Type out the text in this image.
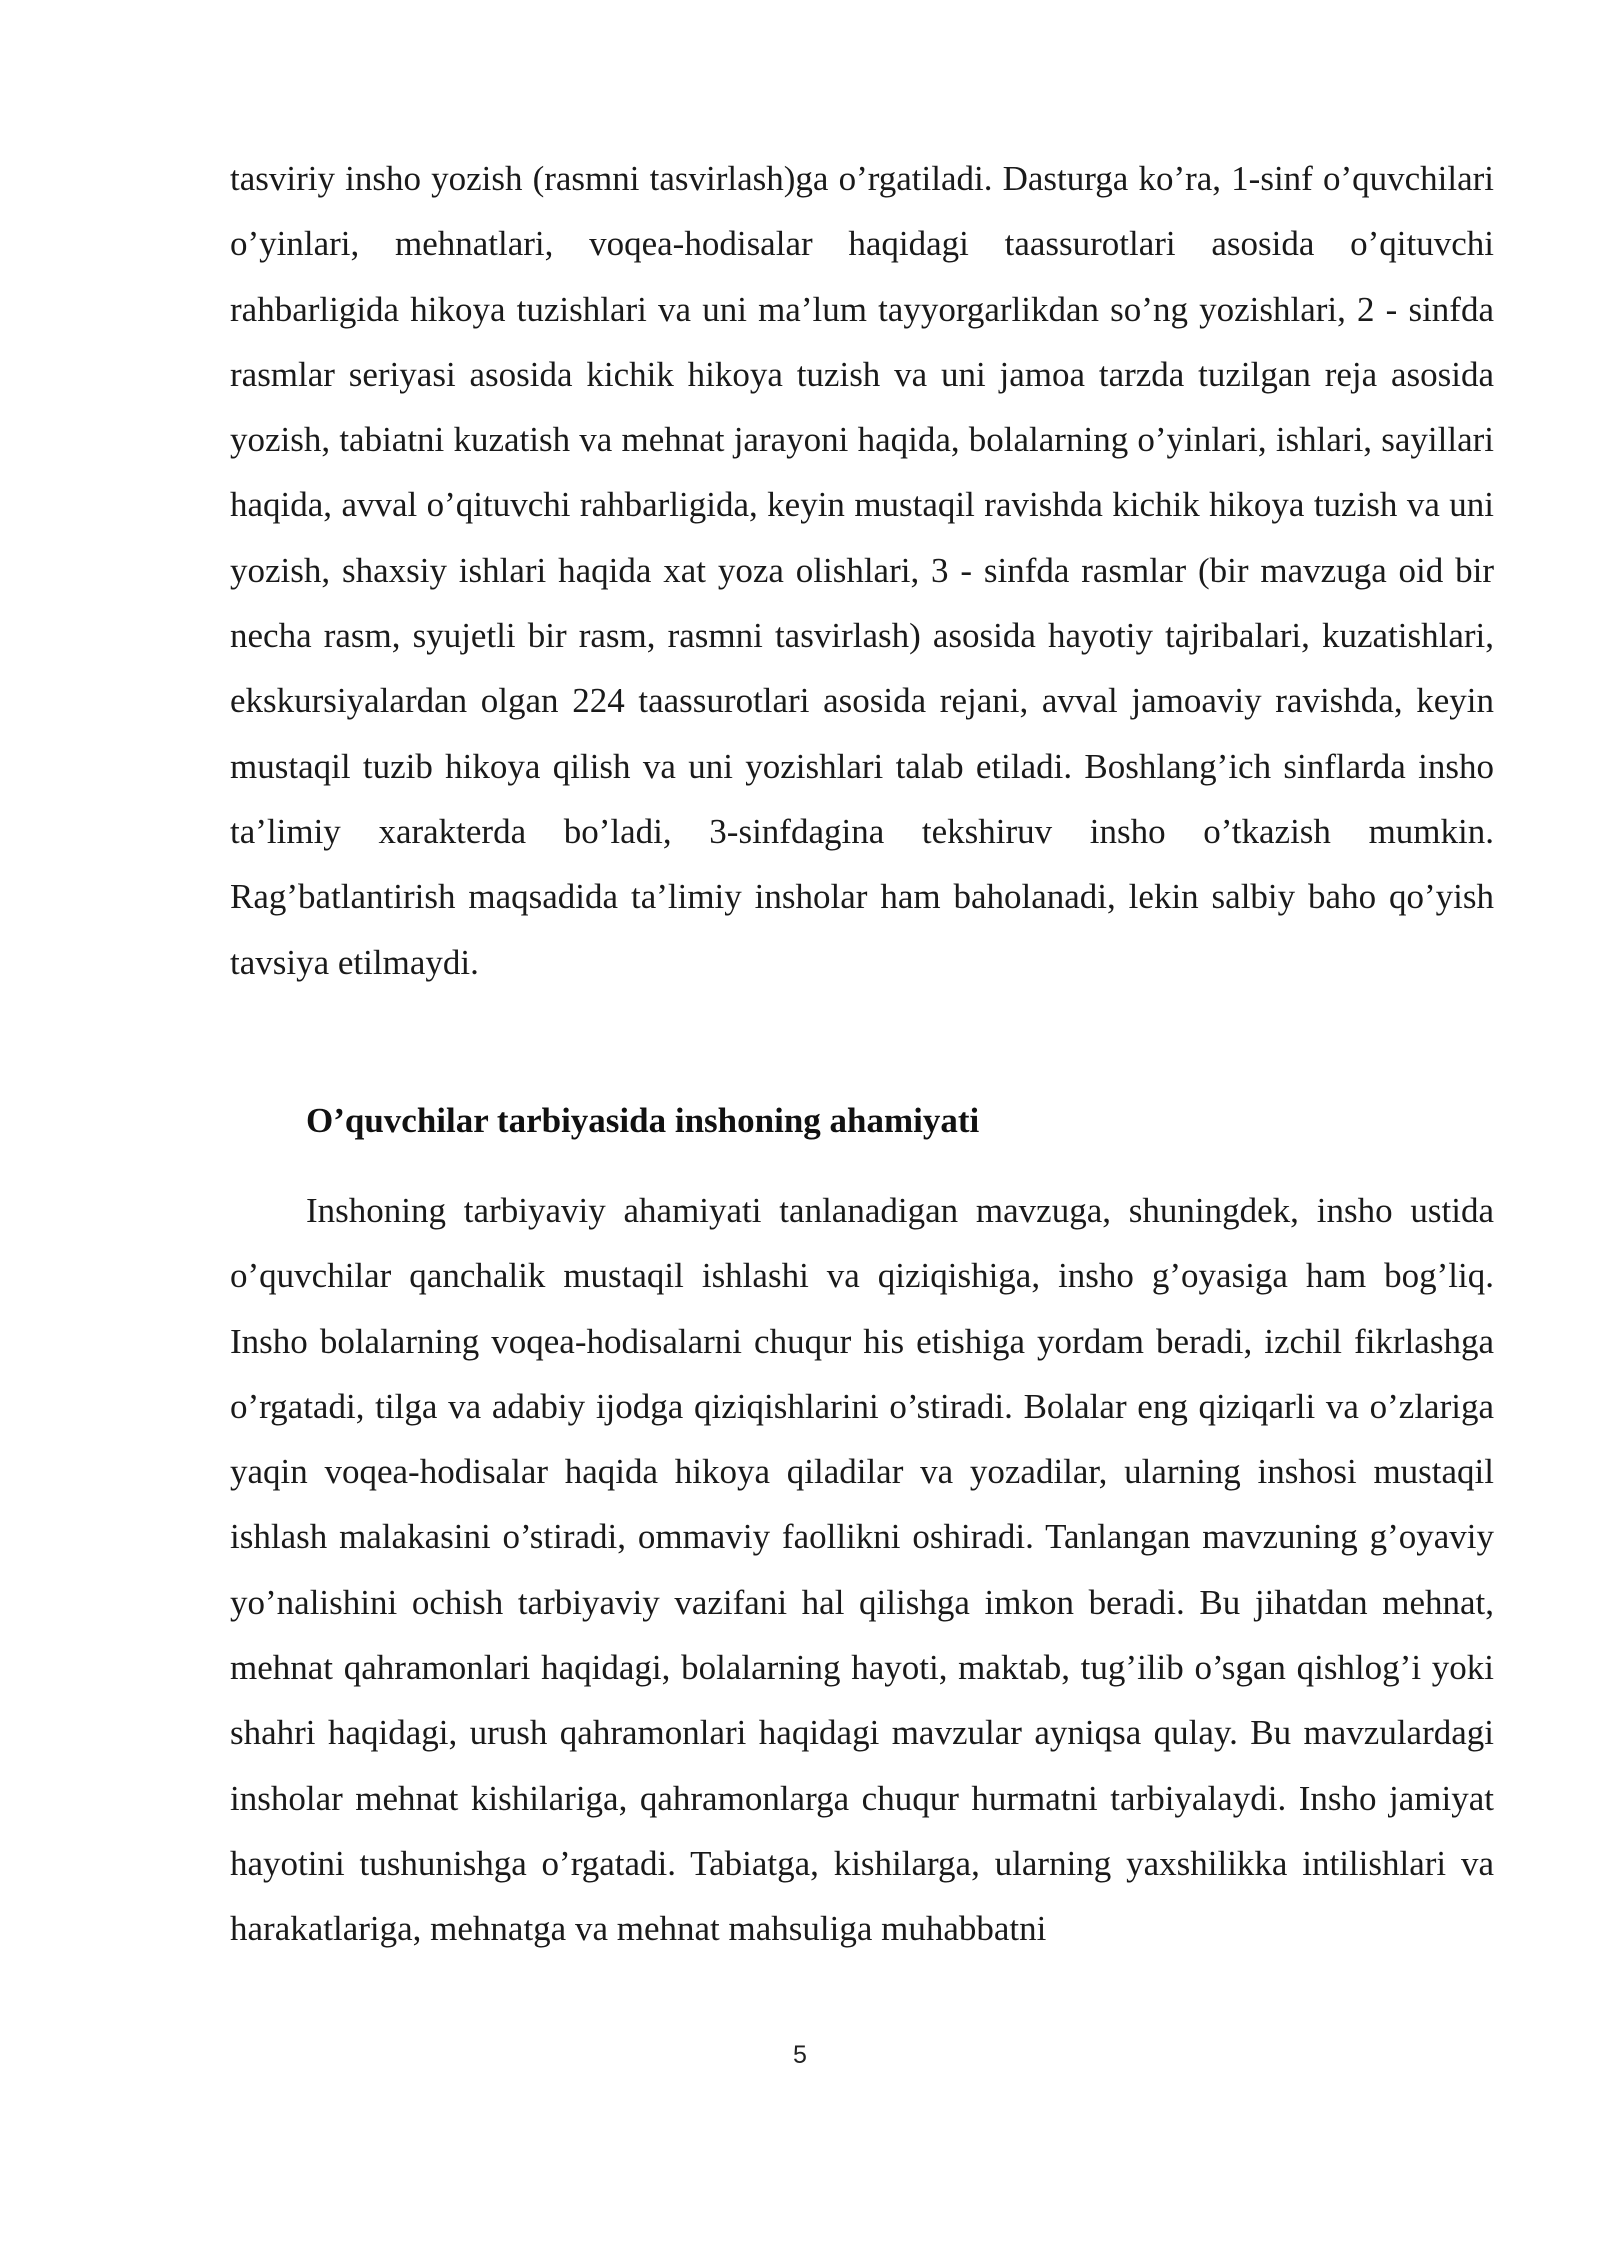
tasviriy insho yozish (rasmni tasvirlash)ga o’rgatiladi. Dasturga ko’ra, 1-sinf o’quvchilari o’yinlari, mehnatlari, voqea-hodisalar haqidagi taassurotlari asosida o’qituvchi rahbarligida hikoya tuzishlari va uni ma’lum tayyorgarlikdan so’ng yozishlari, 2 - sinfda rasmlar seriyasi asosida kichik hikoya tuzish va uni jamoa tarzda tuzilgan reja asosida yozish, tabiatni kuzatish va mehnat jarayoni haqida, bolalarning o’yinlari, ishlari, sayillari haqida, avval o’qituvchi rahbarligida, keyin mustaqil ravishda kichik hikoya tuzish va uni yozish, shaxsiy ishlari haqida xat yoza olishlari, 3 - sinfda rasmlar (bir mavzuga oid bir necha rasm, syujetli bir rasm, rasmni tasvirlash) asosida hayotiy tajribalari, kuzatishlari, ekskursiyalardan olgan 224 taassurotlari asosida rejani, avval jamoaviy ravishda, keyin mustaqil tuzib hikoya qilish va uni yozishlari talab etiladi. Boshlang’ich sinflarda insho ta’limiy xarakterda bo’ladi, 3-sinfdagina tekshiruv insho o’tkazish mumkin. Rag’batlantirish maqsadida ta’limiy insholar ham baholanadi, lekin salbiy baho qo’yish tavsiya etilmaydi.

O’quvchilar tarbiyasida inshoning ahamiyati

Inshoning tarbiyaviy ahamiyati tanlanadigan mavzuga, shuningdek, insho ustida o’quvchilar qanchalik mustaqil ishlashi va qiziqishiga, insho g’oyasiga ham bog’liq. Insho bolalarning voqea-hodisalarni chuqur his etishiga yordam beradi, izchil fikrlashga o’rgatadi, tilga va adabiy ijodga qiziqishlarini o’stiradi. Bolalar eng qiziqarli va o’zlariga yaqin voqea-hodisalar haqida hikoya qiladilar va yozadilar, ularning inshosi mustaqil ishlash malakasini o’stiradi, ommaviy faollikni oshiradi. Tanlangan mavzuning g’oyaviy yo’nalishini ochish tarbiyaviy vazifani hal qilishga imkon beradi. Bu jihatdan mehnat, mehnat qahramonlari haqidagi, bolalarning hayoti, maktab, tug’ilib o’sgan qishlog’i yoki shahri haqidagi, urush qahramonlari haqidagi mavzular ayniqsa qulay. Bu mavzulardagi insholar mehnat kishilariga, qahramonlarga chuqur hurmatni tarbiyalaydi. Insho jamiyat hayotini tushunishga o’rgatadi. Tabiatga, kishilarga, ularning yaxshilikka intilishlari va harakatlariga, mehnatga va mehnat mahsuliga muhabbatni

5
